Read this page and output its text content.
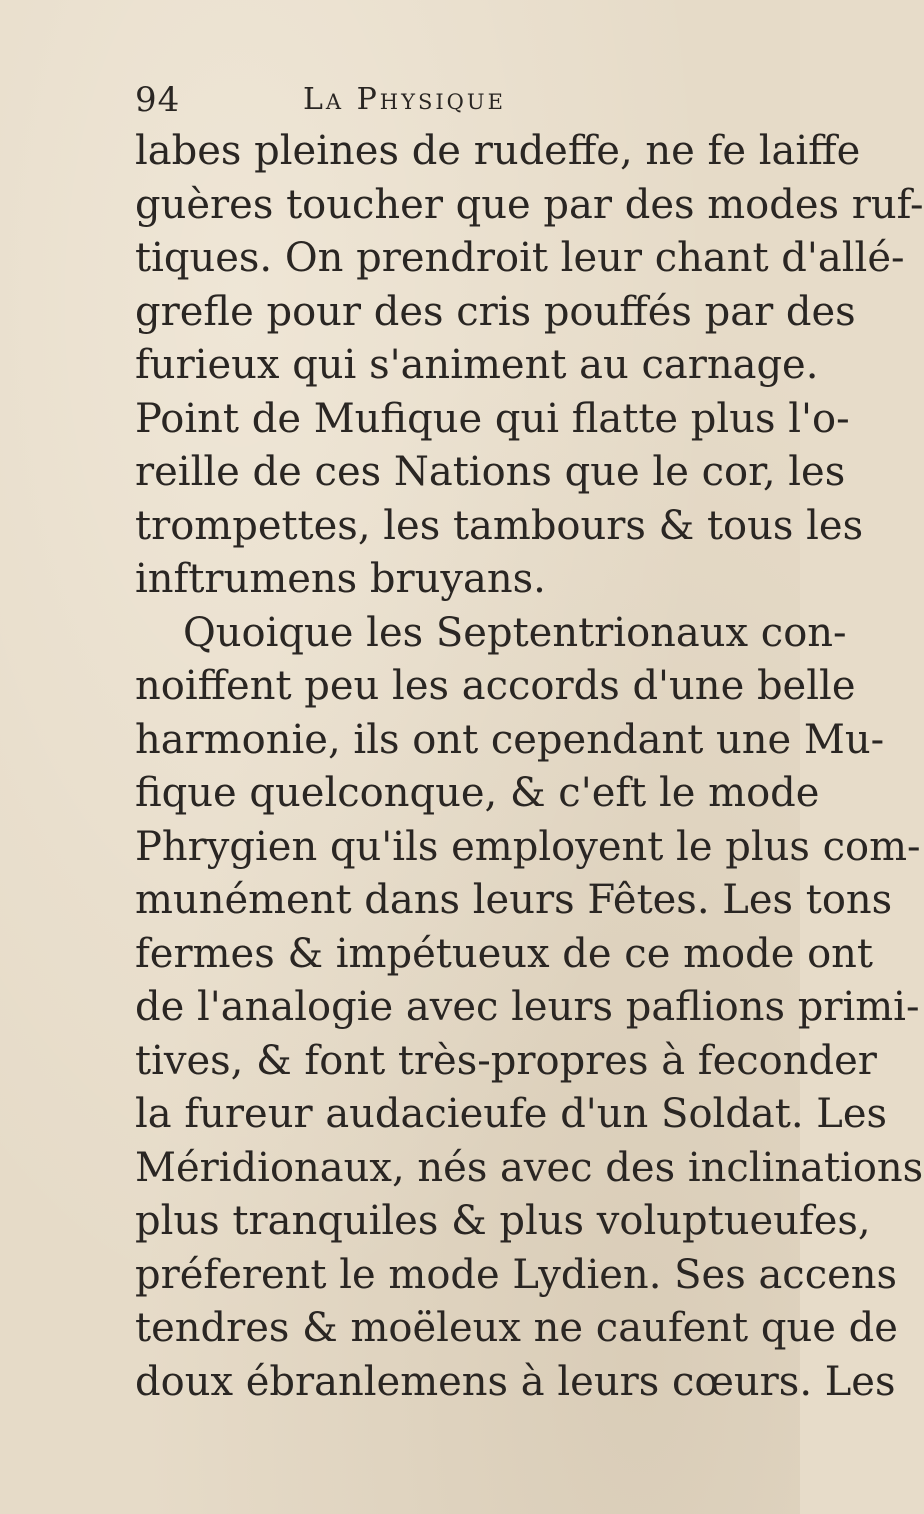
94	La Physique
labes pleines de rudeffe, ne fe laiffe
guères toucher que par des modes ruf-
tiques. On prendroit leur chant d'allé-
grefle pour des cris pouffés par des
furieux qui s'animent au carnage.
Point de Mufique qui flatte plus l'o-
reille de ces Nations que le cor, les
trompettes, les tambours & tous les
inftrumens bruyans.
Quoique les Septentrionaux con-
noiffent peu les accords d'une belle
harmonie, ils ont cependant une Mu-
fique quelconque, & c'eft le mode
Phrygien qu'ils employent le plus com-
munément dans leurs Fêtes. Les tons
fermes & impétueux de ce mode ont
de l'analogie avec leurs paflions primi-
tives, & font très-propres à feconder
la fureur audacieufe d'un Soldat. Les
Méridionaux, nés avec des inclinations
plus tranquiles & plus voluptueufes,
préferent le mode Lydien. Ses accens
tendres & moëleux ne caufent que de
doux ébranlemens à leurs cœurs. Les
